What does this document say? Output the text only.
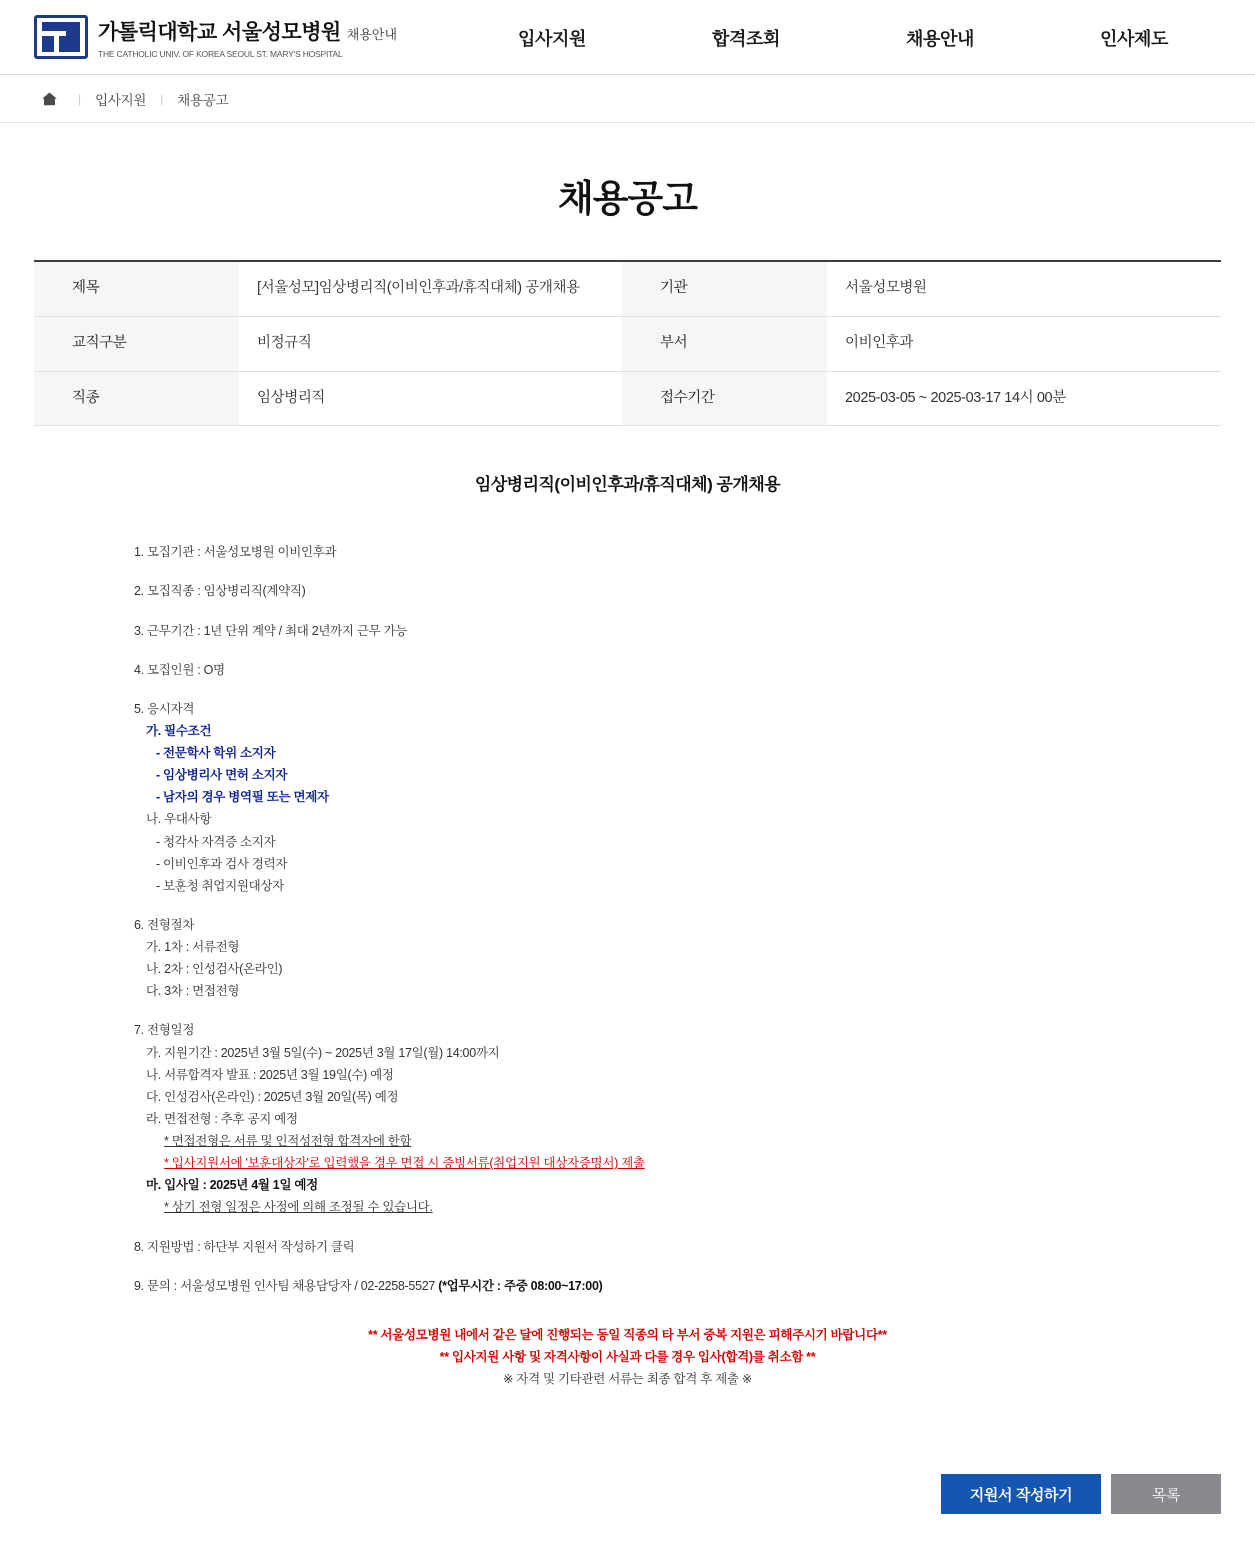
가톨릭대학교 서울성모병원 채용안내
THE CATHOLIC UNIV. OF KOREA SEOUL ST. MARY'S HOSPITAL
입사지원	합격조회	채용안내	인사제도
|	입사지원	|	채용공고
채용공고
제목	[서울성모]임상병리직(이비인후과/휴직대체) 공개채용	기관	서울성모병원
교직구분	비정규직	부서	이비인후과
직종	임상병리직	접수기간	2025-03-05 ~ 2025-03-17 14시 00분
임상병리직(이비인후과/휴직대체) 공개채용

1. 모집기관 : 서울성모병원 이비인후과

2. 모집직종 : 임상병리직(계약직)

3. 근무기간 : 1년 단위 계약 / 최대 2년까지 근무 가능

4. 모집인원 : O명

5. 응시자격

가. 필수조건

- 전문학사 학위 소지자

- 임상병리사 면허 소지자

- 남자의 경우 병역필 또는 면제자

나. 우대사항

- 청각사 자격증 소지자

- 이비인후과 검사 경력자

- 보훈청 취업지원대상자

6. 전형절차

가. 1차 : 서류전형

나. 2차 : 인성검사(온라인)

다. 3차 : 면접전형

7. 전형일정

가. 지원기간 : 2025년 3월 5일(수) ~ 2025년 3월 17일(월) 14:00까지

나. 서류합격자 발표 : 2025년 3월 19일(수) 예정

다. 인성검사(온라인) : 2025년 3월 20일(목) 예정

라. 면접전형 : 추후 공지 예정

* 면접전형은 서류 및 인적성전형 합격자에 한함

* 입사지원서에 '보훈대상자'로 입력했을 경우 면접 시 증빙서류(취업지원 대상자증명서) 제출

마. 입사일 : 2025년 4월 1일 예정

* 상기 전형 일정은 사정에 의해 조정될 수 있습니다.

8. 지원방법 : 하단부 지원서 작성하기 클릭

9. 문의 : 서울성모병원 인사팀 채용담당자 / 02-2258-5527 (*업무시간 : 주중 08:00~17:00)

** 서울성모병원 내에서 같은 달에 진행되는 동일 직종의 타 부서 중복 지원은 피해주시기 바랍니다**
** 입사지원 사항 및 자격사항이 사실과 다를 경우 입사(합격)를 취소함 **
※ 자격 및 기타관련 서류는 최종 합격 후 제출 ※
지원서 작성하기	목록
